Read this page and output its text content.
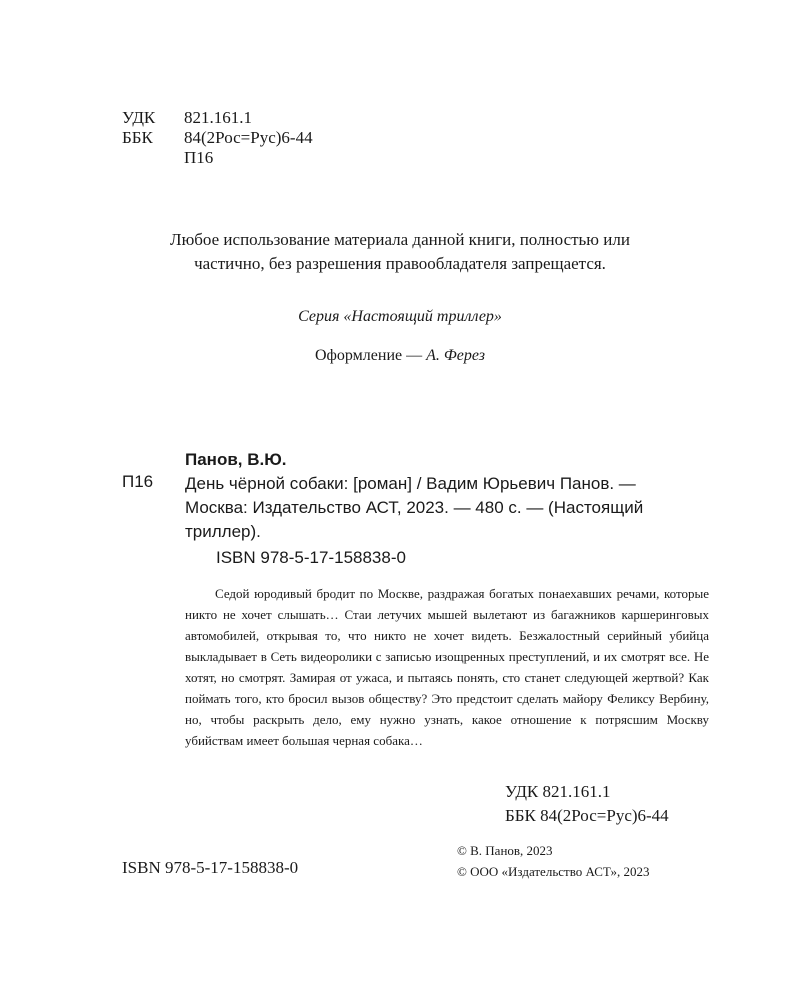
УДК 821.161.1
ББК 84(2Рос=Рус)6-44
П16
Любое использование материала данной книги, полностью или
частично, без разрешения правообладателя запрещается.
Серия «Настоящий триллер»
Оформление — А. Ферез
Панов, В.Ю.
П16 День чёрной собаки: [роман] / Вадим Юрьевич Панов. —
Москва: Издательство АСТ, 2023. — 480 с. — (Настоящий
триллер).
ISBN 978-5-17-158838-0
Седой юродивый бродит по Москве, раздражая богатых понаехавших речами, которые никто не хочет слышать… Стаи летучих мышей вылетают из багажников каршеринговых автомобилей, открывая то, что никто не хочет видеть. Безжалостный серийный убийца выкладывает в Сеть видеоролики с записью изощренных преступлений, и их смотрят все. Не хотят, но смотрят. Замирая от ужаса, и пытаясь понять, сто станет следующей жертвой? Как поймать того, кто бросил вызов обществу? Это предстоит сделать майору Феликсу Вербину, но, чтобы раскрыть дело, ему нужно узнать, какое отношение к потрясшим Москву убийствам имеет большая черная собака…
УДК 821.161.1
ББК 84(2Рос=Рус)6-44
© В. Панов, 2023
© ООО «Издательство АСТ», 2023
ISBN 978-5-17-158838-0
